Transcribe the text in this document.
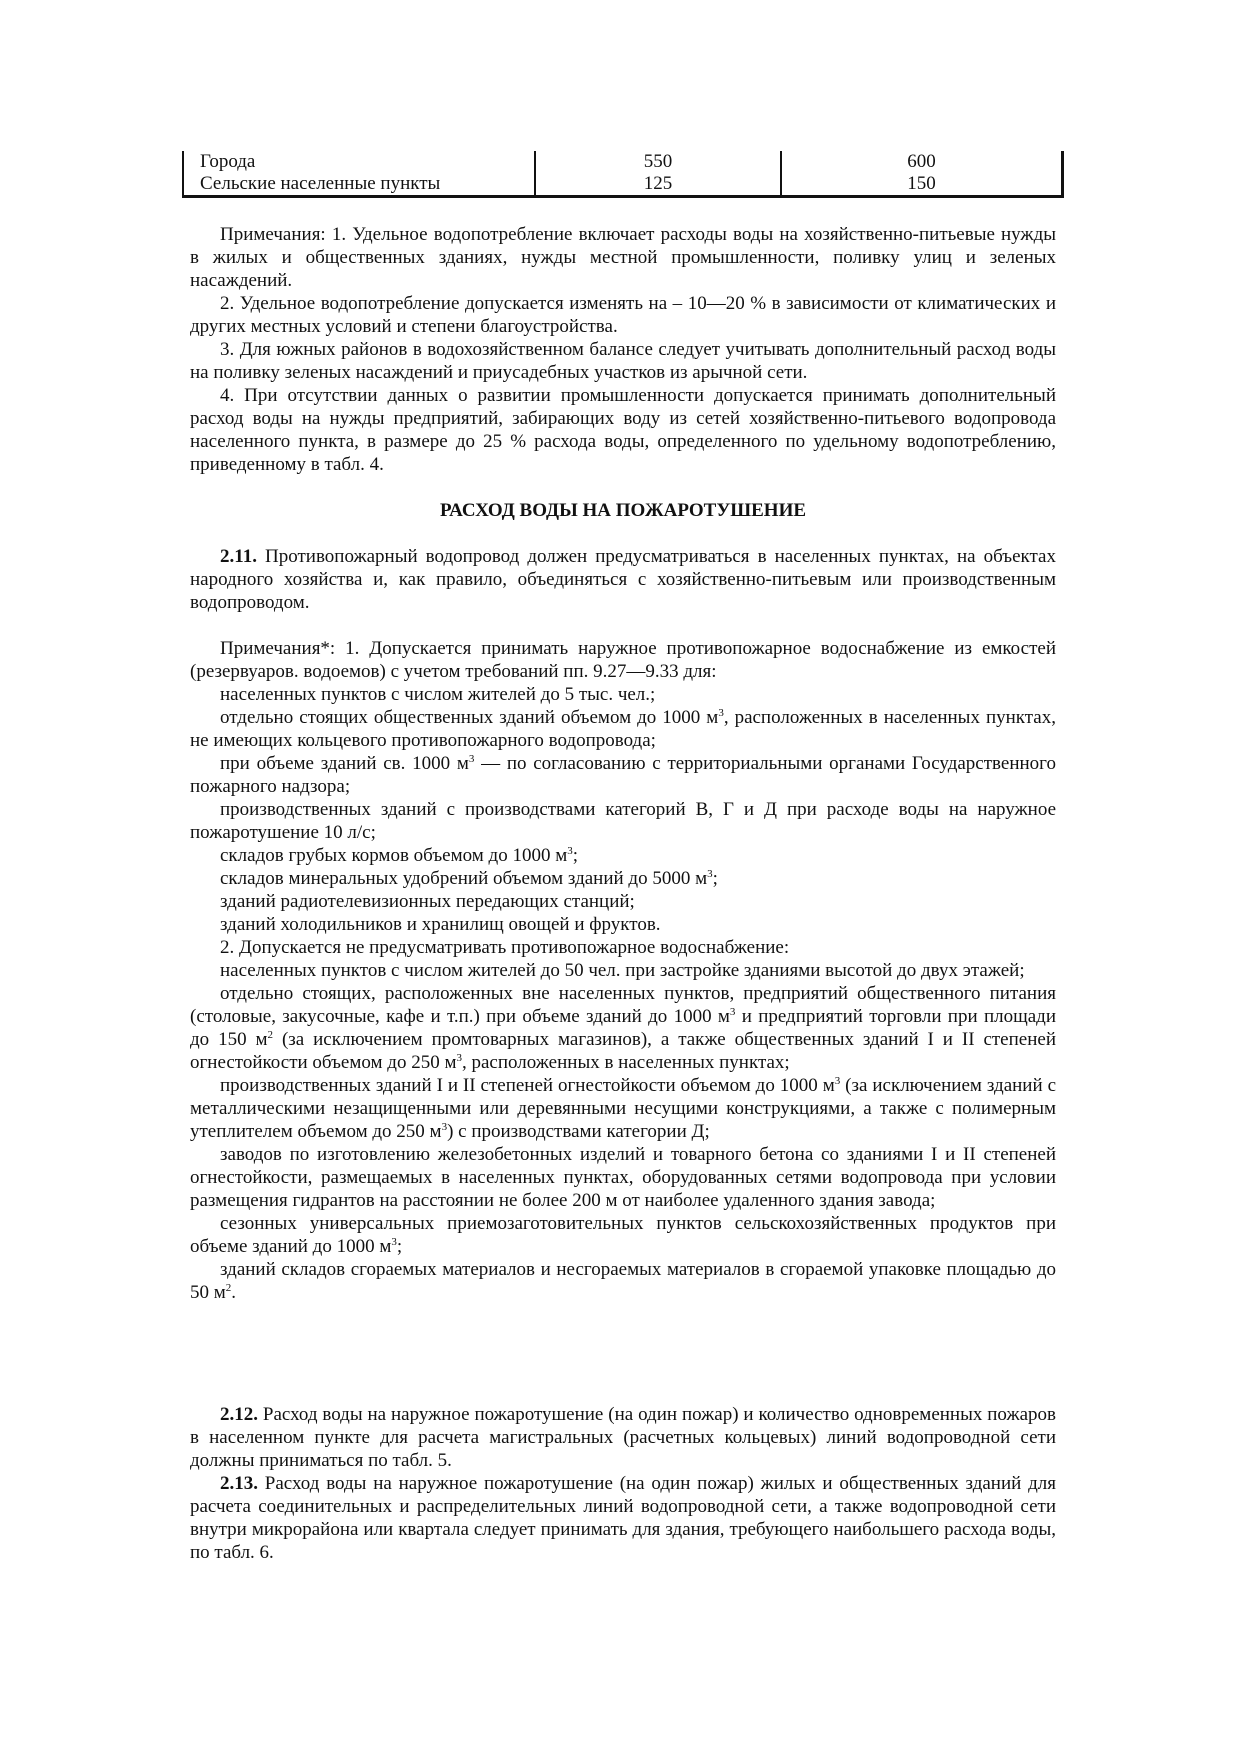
Города	550	600
Сельские населенные пункты	125	150

Примечания: 1. Удельное водопотребление включает расходы воды на хозяйственно-питьевые нужды в жилых и общественных зданиях, нужды местной промышленности, поливку улиц и зеленых насаждений.

2. Удельное водопотребление допускается изменять на – 10—20 % в зависимости от климатических и других местных условий и степени благоустройства.

3. Для южных районов в водохозяйственном балансе следует учитывать дополнительный расход воды на поливку зеленых насаждений и приусадебных участков из арычной сети.

4. При отсутствии данных о развитии промышленности допускается принимать дополнительный расход воды на нужды предприятий, забирающих воду из сетей хозяйственно-питьевого водопровода населенного пункта, в размере до 25 % расхода воды, определенного по удельному водопотреблению, приведенному в табл. 4.

РАСХОД ВОДЫ НА ПОЖАРОТУШЕНИЕ

2.11. Противопожарный водопровод должен предусматриваться в населенных пунктах, на объектах народного хозяйства и, как правило, объединяться с хозяйственно-питьевым или производственным водопроводом.

Примечания*: 1. Допускается принимать наружное противопожарное водоснабжение из емкостей (резервуаров. водоемов) с учетом требований пп. 9.27—9.33 для:

населенных пунктов с числом жителей до 5 тыс. чел.;

отдельно стоящих общественных зданий объемом до 1000 $м^3$, расположенных в населенных пунктах, не имеющих кольцевого противопожарного водопровода;

при объеме зданий св. 1000 $м^3$ — по согласованию с территориальными органами Государственного пожарного надзора;

производственных зданий с производствами категорий В, Г и Д при расходе воды на наружное пожаротушение 10 л/с;

складов грубых кормов объемом до 1000 $м^3$;

складов минеральных удобрений объемом зданий до 5000 $м^3$;

зданий радиотелевизионных передающих станций;

зданий холодильников и хранилищ овощей и фруктов.

2. Допускается не предусматривать противопожарное водоснабжение:

населенных пунктов с числом жителей до 50 чел. при застройке зданиями высотой до двух этажей;

отдельно стоящих, расположенных вне населенных пунктов, предприятий общественного питания (столовые, закусочные, кафе и т.п.) при объеме зданий до 1000 $м^3$ и предприятий торговли при площади до 150 $м^2$ (за исключением промтоварных магазинов), а также общественных зданий I и II степеней огнестойкости объемом до 250 $м^3$, расположенных в населенных пунктах;

производственных зданий I и II степеней огнестойкости объемом до 1000 $м^3$ (за исключением зданий с металлическими незащищенными или деревянными несущими конструкциями, а также с полимерным утеплителем объемом до 250 $м^3$) с производствами категории Д;

заводов по изготовлению железобетонных изделий и товарного бетона со зданиями I и II степеней огнестойкости, размещаемых в населенных пунктах, оборудованных сетями водопровода при условии размещения гидрантов на расстоянии не более 200 м от наиболее удаленного здания завода;

сезонных универсальных приемозаготовительных пунктов сельскохозяйственных продуктов при объеме зданий до 1000 $м^3$;

зданий складов сгораемых материалов и несгораемых материалов в сгораемой упаковке площадью до 50 $м^2$.

2.12. Расход воды на наружное пожаротушение (на один пожар) и количество одновременных пожаров в населенном пункте для расчета магистральных (расчетных кольцевых) линий водопроводной сети должны приниматься по табл. 5.

2.13. Расход воды на наружное пожаротушение (на один пожар) жилых и общественных зданий для расчета соединительных и распределительных линий водопроводной сети, а также водопроводной сети внутри микрорайона или квартала следует принимать для здания, требующего наибольшего расхода воды, по табл. 6.
